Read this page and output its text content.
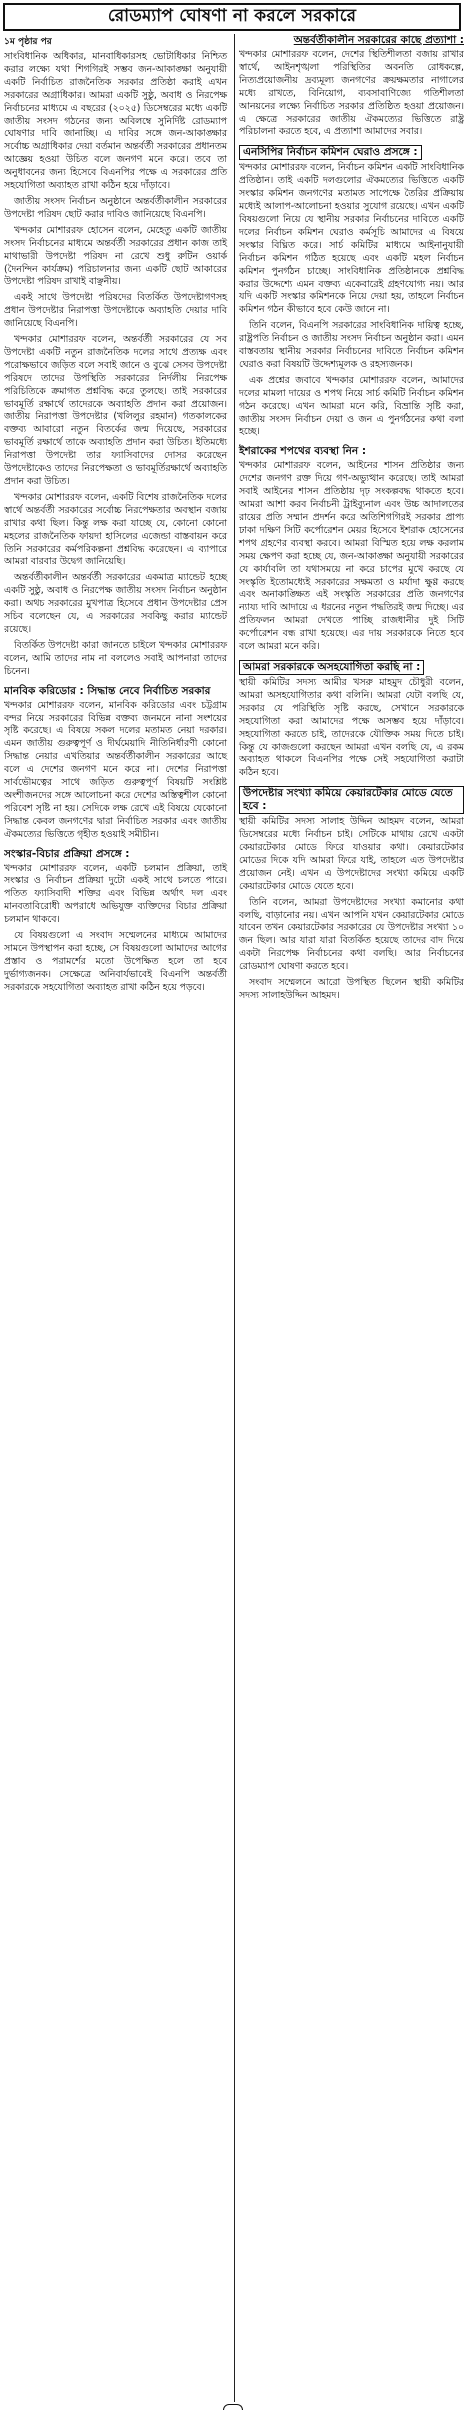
রোডম্যাপ ঘোষণা না করলে সরকারে

১ম পৃষ্ঠার পর

সাংবিধানিক অধিকার, মানবাধিকারসহ ভোটাধিকার নিশ্চিত করার লক্ষ্যে যথা শিগগিরই সম্ভব জন-আকাঙ্ক্ষা অনুযায়ী একটি নির্বাচিত রাজনৈতিক সরকার প্রতিষ্ঠা করাই এখন সরকারের অগ্রাধিকার। আমরা একটি সুষ্ঠু, অবাধ ও নিরপেক্ষ নির্বাচনের মাধ্যমে এ বছরের (২০২৫) ডিসেম্বরের মধ্যে একটি জাতীয় সংসদ গঠনের জন্য অবিলম্বে সুনির্দিষ্ট রোডম্যাপ ঘোষণার দাবি জানাচ্ছি। এ দাবির সঙ্গে জন-আকাঙ্ক্ষার সর্বোচ্চ অগ্রাধিকার দেয়া বর্তমান অন্তর্বর্তী সরকারের প্রধানতম আজ্ঞেয় হওয়া উচিত বলে জনগণ মনে করে। তবে তা অনুধাবনের জন্য হিসেবে বিএনপির পক্ষে এ সরকারের প্রতি সহযোগিতা অব্যাহত রাখা কঠিন হয়ে দাঁড়াবে।

জাতীয় সংসদ নির্বাচন অনুষ্ঠানে অন্তর্বর্তীকালীন সরকারের উপদেষ্টা পরিষদ ছোট করার দাবিও জানিয়েছে বিএনপি।

খন্দকার মোশাররফ হোসেন বলেন, মেহেতু একটি জাতীয় সংসদ নির্বাচনের মাধ্যমে অন্তর্বর্তী সরকারের প্রধান কাজ তাই মাথাভারী উপদেষ্টা পরিষদ না রেখে শুধু রুটিন ওয়ার্ক (দৈনন্দিন কার্যক্রম) পরিচালনার জন্য একটি ছোট আকারের উপদেষ্টা পরিষদ রাখাই বাঞ্ছনীয়।

একই সাথে উপদেষ্টা পরিষদের বিতর্কিত উপদেষ্টাগণসহ প্রধান উপদেষ্টার নিরাপত্তা উপদেষ্টাকে অব্যাহতি দেয়ার দাবি জানিয়েছে বিএনপি।

খন্দকার মোশাররফ বলেন, অন্তর্বর্তী সরকারের যে সব উপদেষ্টা একটি নতুন রাজনৈতিক দলের সাথে প্রত্যক্ষ এবং পরোক্ষভাবে জড়িত বলে সবাই জানে ও বুঝে সেসব উপদেষ্টা পরিষদে তাদের উপস্থিতি সরকারের নির্দলীয় নিরপেক্ষ পরিচিতিকে ক্রমাগত প্রশ্নবিদ্ধ করে তুলছে। তাই সরকারের ভাবমূর্তি রক্ষার্থে তাদেরকে অব্যাহতি প্রদান করা প্রয়োজন। জাতীয় নিরাপত্তা উপদেষ্টার (খলিলুর রহমান) গতকালকের বক্তব্য আবারো নতুন বিতর্কের জন্ম দিয়েছে, সরকারের ভাবমূর্তি রক্ষার্থে তাকে অব্যাহতি প্রদান করা উচিত। ইতিমধ্যে নিরাপত্তা উপদেষ্টা তার ফ্যাসিবাদের দোসর করেছেন উপদেষ্টাকেও তাদের নিরপেক্ষতা ও ভাবমূর্তিরক্ষার্থে অব্যাহতি প্রদান করা উচিত।

খন্দকার মোশাররফ বলেন, একটি বিশেষ রাজনৈতিক দলের স্বার্থে অন্তর্বর্তী সরকারের সর্বোচ্চ নিরপেক্ষতার অবস্থান বজায় রাখার কথা ছিল। কিন্তু লক্ষ করা যাচ্ছে যে, কোনো কোনো মহলের রাজনৈতিক ফায়দা হাসিলের এজেন্ডা বাস্তবায়ন করে তিনি সরকারের কর্মপরিকল্পনা প্রশ্নবিদ্ধ করেছেন। এ ব্যাপারে আমরা বারবার উদ্বেগ জানিয়েছি।

অন্তর্বর্তীকালীন অন্তর্বর্তী সরকারের একমাত্র ম্যান্ডেট হচ্ছে একটি সুষ্ঠু, অবাধ ও নিরপেক্ষ জাতীয় সংসদ নির্বাচন অনুষ্ঠান করা। অথচ সরকারের মুখপাত্র হিসেবে প্রধান উপদেষ্টার প্রেস সচিব বলেছেন যে, এ সরকারের সবকিছু করার ম্যান্ডেট রয়েছে।

বিতর্কিত উপদেষ্টা কারা জানতে চাইলে খন্দকার মোশাররফ বলেন, আমি তাদের নাম না বললেও সবাই আপনারা তাদের চিনেন।

মানবিক করিডোর : সিদ্ধান্ত নেবে নির্বাচিত সরকার

খন্দকার মোশাররফ বলেন, মানবিক করিডোর এবং চট্টগ্রাম বন্দর নিয়ে সরকারের বিভিন্ন বক্তব্য জনমনে নানা সংশয়ের সৃষ্টি করেছে। এ বিষয়ে সকল দলের মতামত নেয়া দরকার। এমন জাতীয় গুরুত্বপূর্ণ ও দীর্ঘমেয়াদি নীতিনির্ধারণী কোনো সিদ্ধান্ত নেয়ার এখতিয়ার অন্তর্বর্তীকালীন সরকারের আছে বলে এ দেশের জনগণ মনে করে না। দেশের নিরাপত্তা সার্বভৌমত্বের সাথে জড়িত গুরুত্বপূর্ণ বিষয়টি সংশ্লিষ্ট অংশীজনদের সঙ্গে আলোচনা করে দেশের অস্তিত্বশীল কোনো পরিবেশ সৃষ্টি না হয়। সেদিকে লক্ষ রেখে এই বিষয়ে যেকোনো সিদ্ধান্ত কেবল জনগণের দ্বারা নির্বাচিত সরকার এবং জাতীয় ঐকমত্যের ভিত্তিতে গৃহীত হওয়াই সমীচীন।

সংস্কার-বিচার প্রক্রিয়া প্রসঙ্গে :

খন্দকার মোশাররফ বলেন, একটি চলমান প্রক্রিয়া, তাই সংস্কার ও নির্বাচন প্রক্রিয়া দুটো একই সাথে চলতে পারে। পতিত ফ্যাসিবাদী শক্তির এবং বিভিন্ন অর্থাৎ দল এবং মানবতাবিরোধী অপরাধে অভিযুক্ত ব্যক্তিদের বিচার প্রক্রিয়া চলমান থাকবে।

যে বিষয়গুলো এ সংবাদ সম্মেলনের মাধ্যমে আমাদের সামনে উপস্থাপন করা হচ্ছে, সে বিষয়গুলো আমাদের আগের প্রস্তাব ও পরামর্শের মতো উপেক্ষিত হলে তা হবে দুর্ভাগ্যজনক। সেক্ষেত্রে অনিবার্যভাবেই বিএনপি অন্তর্বর্তী সরকারকে সহযোগিতা অব্যাহত রাখা কঠিন হয়ে পড়বে।

অন্তর্বর্তীকালীন সরকারের কাছে প্রত্যাশা :

খন্দকার মোশাররফ বলেন, দেশের স্থিতিশীলতা বজায় রাখার স্বার্থে, আইনশৃঙ্খলা পরিস্থিতির অবনতি রোধকল্পে, নিত্যপ্রয়োজনীয় দ্রব্যমূল্য জনগণের ক্রয়ক্ষমতার নাগালের মধ্যে রাখতে, বিনিয়োগ, ব্যবসাবাণিজ্যে গতিশীলতা আনয়নের লক্ষ্যে নির্বাচিত সরকার প্রতিষ্ঠিত হওয়া প্রয়োজন। এ ক্ষেত্রে সরকারের জাতীয় ঐকমত্যের ভিত্তিতে রাষ্ট্র পরিচালনা করতে হবে, এ প্রত্যাশা আমাদের সবার।

এনসিপির নির্বাচন কমিশন ঘেরাও প্রসঙ্গে :

খন্দকার মোশাররফ বলেন, নির্বাচন কমিশন একটি সাংবিধানিক প্রতিষ্ঠান। তাই একটি দলগুলোর ঐকমত্যের ভিত্তিতে একটি সংস্কার কমিশন জনগণের মতামত সাপেক্ষে তৈরির প্রক্রিয়ায় মধ্যেই আলাপ-আলোচনা হওয়ার সুযোগ রয়েছে। এখন একটি বিষয়গুলো নিয়ে যে স্থানীয় সরকার নির্বাচনের দাবিতে একটি দলের নির্বাচন কমিশন ঘেরাও কর্মসূচি আমাদের এ বিষয়ে সংস্কার বিঘ্নিত করে। সার্চ কমিটির মাধ্যমে আইনানুযায়ী নির্বাচন কমিশন গঠিত হয়েছে এবং একটি মহল নির্বাচন কমিশন পুনর্গঠন চাচ্ছে। সাংবিধানিক প্রতিষ্ঠানকে প্রশ্নবিদ্ধ করার উদ্দেশ্যে এমন বক্তব্য একেবারেই গ্রহণযোগ্য নয়। আর যদি একটি সংস্কার কমিশনকে নিয়ে দেয়া হয়, তাহলে নির্বাচন কমিশন গঠন কীভাবে হবে কেউ জানে না।

তিনি বলেন, বিএনপি সরকারের সাংবিধানিক দায়িত্ব হচ্ছে, রাষ্ট্রপতি নির্বাচন ও জাতীয় সংসদ নির্বাচন অনুষ্ঠান করা। এমন বাস্তবতায় স্থানীয় সরকার নির্বাচনের দাবিতে নির্বাচন কমিশন ঘেরাও করা বিষয়টি উদ্দেশ্যমূলক ও রহস্যজনক।

এক প্রশ্নের জবাবে খন্দকার মোশাররফ বলেন, আমাদের দলের মামলা দায়ের ও শপথ নিয়ে সার্চ কমিটি নির্বাচন কমিশন গঠন করেছে। এখন আমরা মনে করি, বিভ্রান্তি সৃষ্টি করা, জাতীয় সংসদ নির্বাচন দেয়া ও জন এ পুনর্গঠনের কথা বলা হচ্ছে।

ইশরাকের শপথের ব্যবস্থা নিন :

খন্দকার মোশাররফ বলেন, আইনের শাসন প্রতিষ্ঠার জন্য দেশের জনগণ রক্ত দিয়ে গণ-অভ্যুত্থান করেছে। তাই আমরা সবাই আইনের শাসন প্রতিষ্ঠায় দৃঢ় সংকল্পবদ্ধ থাকতে হবে। আমরা আশা করব নির্বাচনী ট্রাইব্যুনাল এবং উচ্চ আদালতের রায়ের প্রতি সম্মান প্রদর্শন করে অতিশিগগিরই সরকার প্রাপ্য ঢাকা দক্ষিণ সিটি কর্পোরেশন মেয়র হিসেবে ইশরাক হোসেনের শপথ গ্রহণের ব্যবস্থা করবে। আমরা বিস্মিত হয়ে লক্ষ করলাম সময় ক্ষেপণ করা হচ্ছে যে, জন-আকাঙ্ক্ষা অনুযায়ী সরকারের যে কার্যাবলি তা যথাসময়ে না করে চাপের মুখে করছে যে সংস্কৃতি ইতোমধ্যেই সরকারের সক্ষমতা ও মর্যাদা ক্ষুণ্ণ করছে এবং অনাকাঙ্ক্ষিত এই সংস্কৃতি সরকারের প্রতি জনগণের ন্যায্য দাবি আদায়ে এ ধরনের নতুন পদ্ধতিরই জন্ম দিচ্ছে। এর প্রতিফলন আমরা দেখতে পাচ্ছি রাজধানীর দুই সিটি কর্পোরেশন বন্ধ রাখা হয়েছে। এর দায় সরকারকে নিতে হবে বলে আমরা মনে করি।

আমরা সরকারকে অসহযোগিতা করছি না :

স্থায়ী কমিটির সদস্য আমীর খসরু মাহমুদ চৌধুরী বলেন, আমরা অসহযোগিতার কথা বলিনি। আমরা যেটা বলছি যে, সরকার যে পরিস্থিতি সৃষ্টি করছে, সেখানে সরকারকে সহযোগিতা করা আমাদের পক্ষে অসম্ভব হয়ে দাঁড়াবে। সহযোগিতা করতে চাই, তাদেরকে যৌক্তিক সময় দিতে চাই। কিন্তু যে কাজগুলো করছেন আমরা এখন বলছি যে, এ রকম অব্যাহত থাকলে বিএনপির পক্ষে সেই সহযোগিতা করাটা কঠিন হবে।

উপদেষ্টার সংখ্যা কমিয়ে কেয়ারটেকার মোডে যেতে হবে :

স্থায়ী কমিটির সদস্য সালাহ উদ্দিন আহমদ বলেন, আমরা ডিসেম্বরের মধ্যে নির্বাচন চাই। সেটিকে মাথায় রেখে একটা কেয়ারটেকার মোডে ফিরে যাওয়ার কথা। কেয়ারটেকার মোডের দিকে যদি আমরা ফিরে যাই, তাহলে এত উপদেষ্টার প্রয়োজন নেই। এখন এ উপদেষ্টাদের সংখ্যা কমিয়ে একটি কেয়ারটেকার মোডে যেতে হবে।

তিনি বলেন, আমরা উপদেষ্টাদের সংখ্যা কমানোর কথা বলছি, বাড়ানোর নয়। এখন আপনি যখন কেয়ারটেকার মোডে যাবেন তখন কেয়ারটেকার সরকারের যে উপদেষ্টার সংখ্যা ১০ জন ছিল। আর যারা যারা বিতর্কিত হয়েছে তাদের বাদ দিয়ে একটা নিরপেক্ষ নির্বাচনের কথা বলছি। আর নির্বাচনের রোডম্যাপ ঘোষণা করতে হবে।

সংবাদ সম্মেলনে আরো উপস্থিত ছিলেন স্থায়ী কমিটির সদস্য সালাহউদ্দিন আহমদ।
